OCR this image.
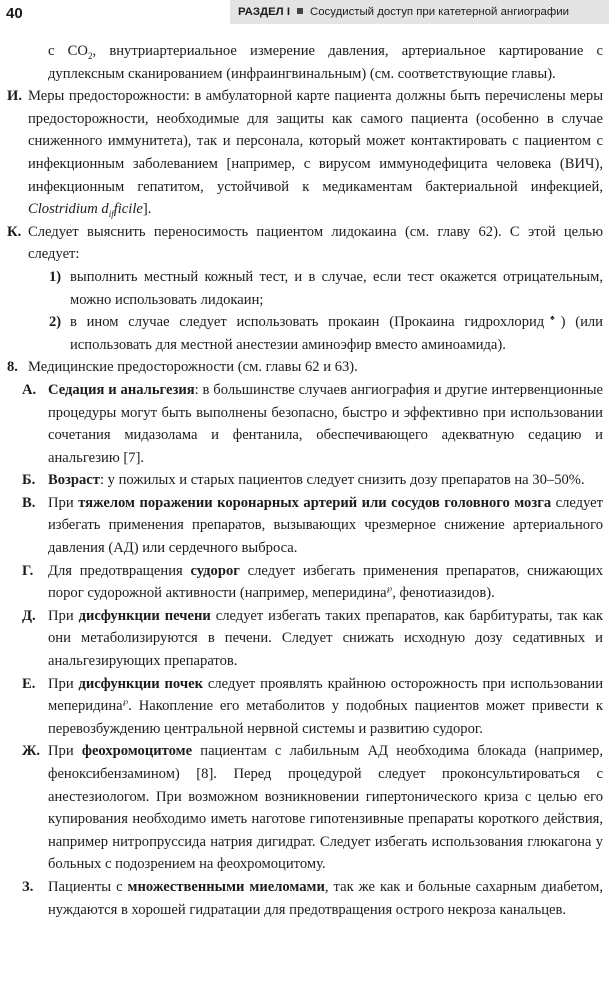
40	РАЗДЕЛ I Сосудистый доступ при катетерной ангиографии
с $CO_2$, внутриартериальное измерение давления, артериальное картирование с дуплексным сканированием (инфраингвинальным) (см. соответствующие главы).
И. Меры предосторожности: в амбулаторной карте пациента должны быть перечислены меры предосторожности, необходимые для защиты как самого пациента (особенно в случае сниженного иммунитета), так и персонала, который может контактировать с пациентом с инфекционным заболеванием [например, с вирусом иммунодефицита человека (ВИЧ), инфекционным гепатитом, устойчивой к медикаментам бактериальной инфекцией, Clostridium $d_{if}ficile$].
К. Следует выяснить переносимость пациентом лидокаина (см. главу 62). С этой целью следует:
1) выполнить местный кожный тест, и в случае, если тест окажется отрицательным, можно использовать лидокаин;
2) в ином случае следует использовать прокаин (Прокаина гидрохлорид♠) (или использовать для местной анестезии аминоэфир вместо аминоамида).
8. Медицинские предосторожности (см. главы 62 и 63).
А. Седация и анальгезия: в большинстве случаев ангиография и другие интервенционные процедуры могут быть выполнены безопасно, быстро и эффективно при использовании сочетания мидазолама и фентанила, обеспечивающего адекватную седацию и анальгезию [7].
Б. Возраст: у пожилых и старых пациентов следует снизить дозу препаратов на 30–50%.
В. При тяжелом поражении коронарных артерий или сосудов головного мозга следует избегать применения препаратов, вызывающих чрезмерное снижение артериального давления (АД) или сердечного выброса.
Г. Для предотвращения судорог следует избегать применения препаратов, снижающих порог судорожной активности (например, меперидина℘, фенотиазидов).
Д. При дисфункции печени следует избегать таких препаратов, как барбитураты, так как они метаболизируются в печени. Следует снижать исходную дозу седативных и анальгезирующих препаратов.
Е. При дисфункции почек следует проявлять крайнюю осторожность при использовании меперидина℘. Накопление его метаболитов у подобных пациентов может привести к перевозбуждению центральной нервной системы и развитию судорог.
Ж. При феохромоцитоме пациентам с лабильным АД необходима блокада (например, феноксибензамином) [8]. Перед процедурой следует проконсультироваться с анестезиологом. При возможном возникновении гипертонического криза с целью его купирования необходимо иметь наготове гипотензивные препараты короткого действия, например нитропруссида натрия дигидрат. Следует избегать использования глюкагона у больных с подозрением на феохромоцитому.
З. Пациенты с множественными миеломами, так же как и больные сахарным диабетом, нуждаются в хорошей гидратации для предотвращения острого некроза канальцев.
